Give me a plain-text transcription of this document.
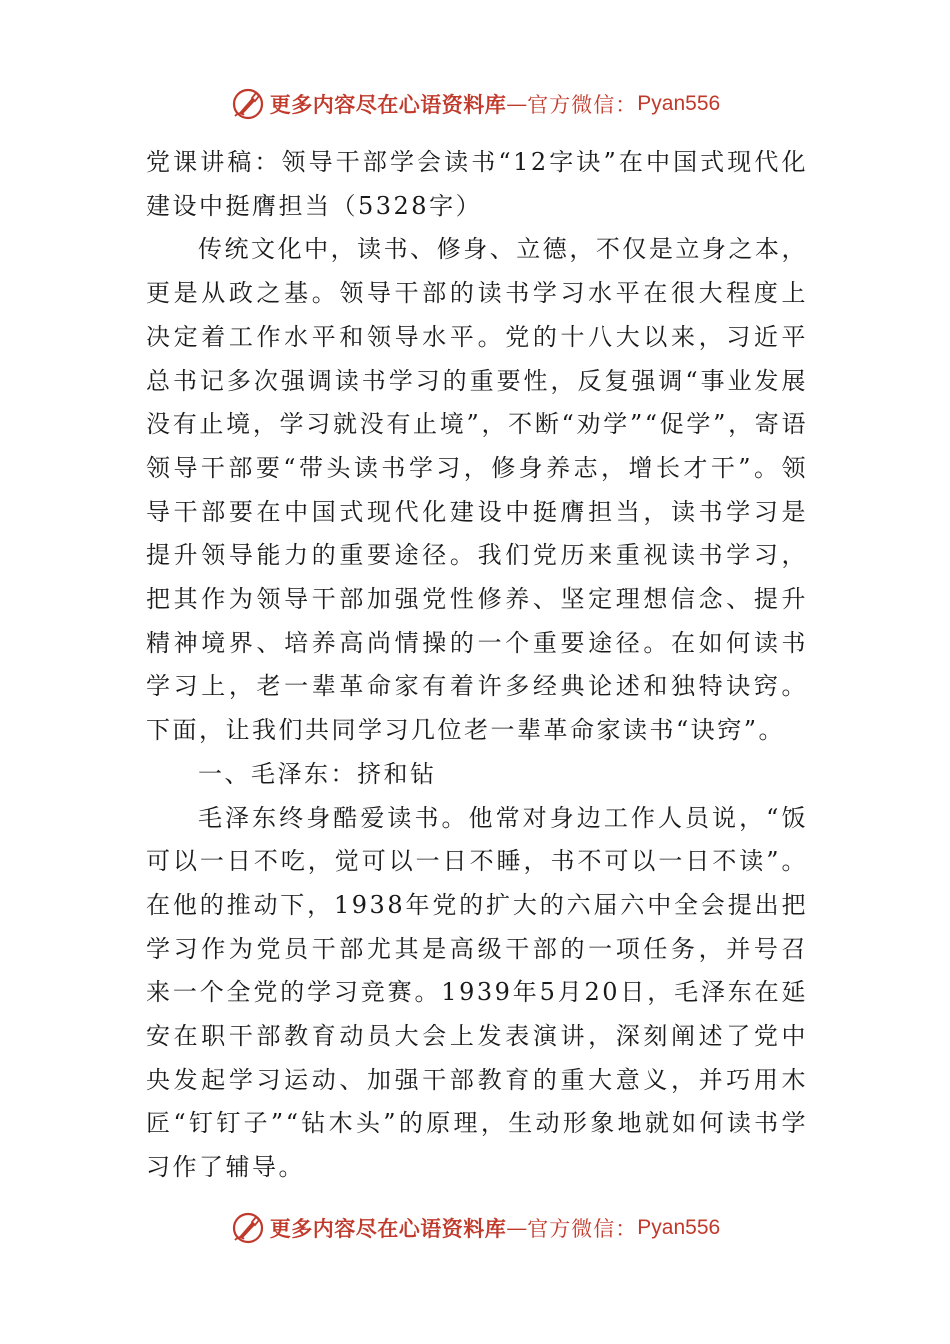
更多内容尽在心语资料库 — 官方微信： Pyan556

党课讲稿：领导干部学会读书“12字诀”在中国式现代化建设中挺膺担当（5328字）

传统文化中，读书、修身、立德，不仅是立身之本，更是从政之基。领导干部的读书学习水平在很大程度上决定着工作水平和领导水平。党的十八大以来，习近平总书记多次强调读书学习的重要性，反复强调“事业发展没有止境，学习就没有止境”，不断“劝学”“促学”，寄语领导干部要“带头读书学习，修身养志，增长才干”。领导干部要在中国式现代化建设中挺膺担当，读书学习是提升领导能力的重要途径。我们党历来重视读书学习，把其作为领导干部加强党性修养、坚定理想信念、提升精神境界、培养高尚情操的一个重要途径。在如何读书学习上，老一辈革命家有着许多经典论述和独特诀窍。下面，让我们共同学习几位老一辈革命家读书“诀窍”。

一、毛泽东：挤和钻

毛泽东终身酷爱读书。他常对身边工作人员说，“饭可以一日不吃，觉可以一日不睡，书不可以一日不读”。在他的推动下，1938年党的扩大的六届六中全会提出把学习作为党员干部尤其是高级干部的一项任务，并号召来一个全党的学习竞赛。1939年5月20日，毛泽东在延安在职干部教育动员大会上发表演讲，深刻阐述了党中央发起学习运动、加强干部教育的重大意义，并巧用木匠“钉钉子”“钻木头”的原理，生动形象地就如何读书学习作了辅导。

更多内容尽在心语资料库 — 官方微信： Pyan556
